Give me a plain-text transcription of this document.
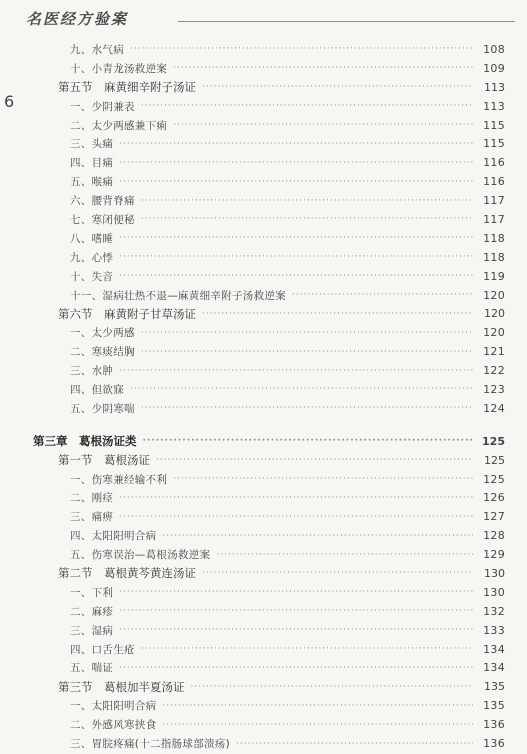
名医经方验案
6
九、水气病 ·····	108
十、小青龙汤救逆案 ·····	109
第五节　麻黄细辛附子汤证 ·····	113
一、少阴兼表 ·····	113
二、太少两感兼下痢 ·····	115
三、头痛 ·····	115
四、目痛 ·····	116
五、喉痛 ·····	116
六、腰背脊痛 ·····	117
七、寒闭便秘 ·····	117
八、嗜睡 ·····	118
九、心悸 ·····	118
十、失音 ·····	119
十一、湿病壮热不退—麻黄细辛附子汤救逆案 ·····	120
第六节　麻黄附子甘草汤证 ·····	120
一、太少两感 ·····	120
二、寒痰结胸 ·····	121
三、水肿 ·····	122
四、但欲寐 ·····	123
五、少阴寒喘 ·····	124
第三章　葛根汤证类 ·····	125
第一节　葛根汤证 ·····	125
一、伤寒兼经输不利 ·····	125
二、刚痉 ·····	126
三、痛痹 ·····	127
四、太阳阳明合病 ·····	128
五、伤寒误治—葛根汤救逆案 ·····	129
第二节　葛根黄芩黄连汤证 ·····	130
一、下利 ·····	130
二、麻疹 ·····	132
三、湿病 ·····	133
四、口舌生疮 ·····	134
五、喘证 ·····	134
第三节　葛根加半夏汤证 ·····	135
一、太阳阳明合病 ·····	135
二、外感风寒挟食 ·····	136
三、胃脘疼痛(十二指肠球部溃疡) ·····	136
